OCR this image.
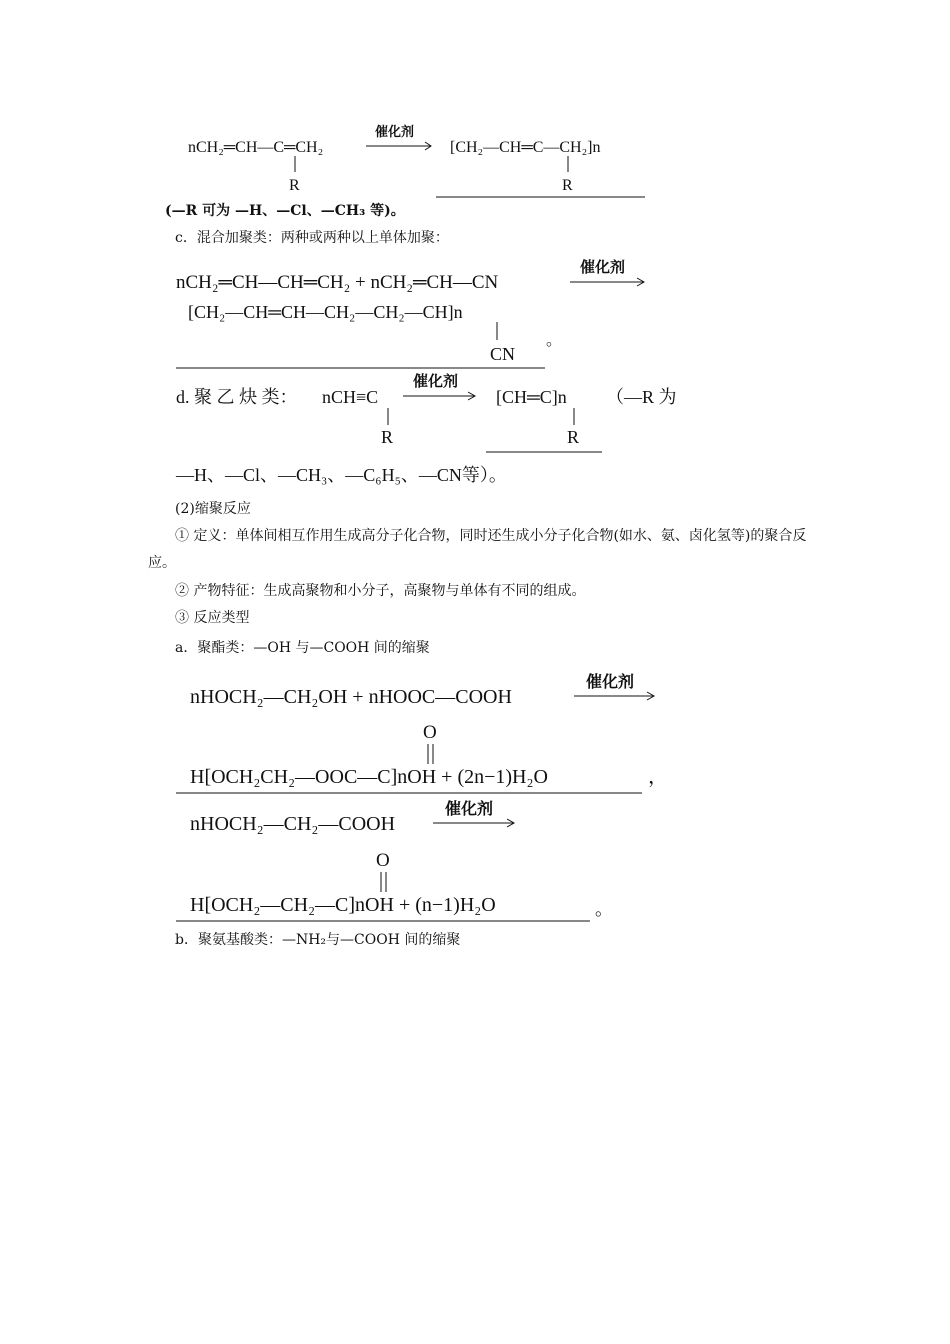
nCH₂═CH—C═CH₂
R
催化剂
[CH₂—CH═C—CH₂]n
R
nCH₂═CH—CH═CH₂ + nCH₂═CH—CN
催化剂
[CH₂—CH═CH—CH₂—CH₂—CH]n
CN
。
d. 聚 乙 炔 类： nCH≡C
R
催化剂
[CH═C]n
R
（—R 为
—H、—Cl、—CH₃、—C₆H₅、—CN等）。
nHOCH₂—CH₂OH + nHOOC—COOH
催化剂
O
H[OCH₂CH₂—OOC—C]nOH + (2n−1)H₂O	，
nHOCH₂—CH₂—COOH
催化剂
O
H[OCH₂—CH₂—C]nOH + (n−1)H₂O	。

(—R 可为 —H、—Cl、—CH₃ 等)。

c．混合加聚类：两种或两种以上单体加聚：

(2)缩聚反应

① 定义：单体间相互作用生成高分子化合物，同时还生成小分子化合物(如水、氨、卤化氢等)的聚合反应。

② 产物特征：生成高聚物和小分子，高聚物与单体有不同的组成。

③ 反应类型

a．聚酯类：—OH 与—COOH 间的缩聚

b．聚氨基酸类：—NH₂与—COOH 间的缩聚
